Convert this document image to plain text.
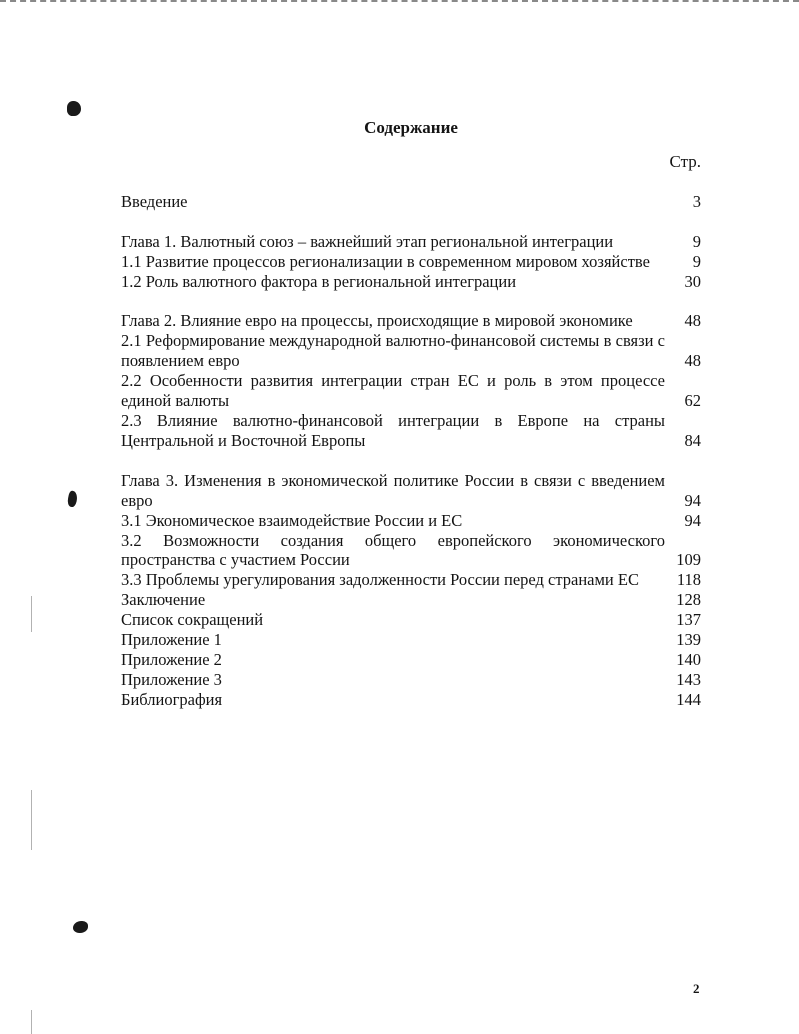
Содержание
Стр.
Введение	3
Глава 1. Валютный союз – важнейший этап региональной интеграции	9
1.1 Развитие процессов регионализации в современном мировом хозяйстве	9
1.2 Роль валютного фактора в региональной интеграции	30
Глава 2. Влияние евро на процессы, происходящие в мировой экономике	48
2.1 Реформирование международной валютно-финансовой системы в связи с появлением евро	48
2.2 Особенности развития интеграции стран ЕС и роль в этом процессе единой валюты	62
2.3 Влияние валютно-финансовой интеграции в Европе на страны Центральной и Восточной Европы	84
Глава 3. Изменения в экономической политике России в связи с введением евро	94
3.1 Экономическое взаимодействие России и ЕС	94
3.2 Возможности создания общего европейского экономического пространства с участием России	109
3.3 Проблемы урегулирования задолженности России перед странами ЕС	118
Заключение	128
Список сокращений	137
Приложение 1	139
Приложение 2	140
Приложение 3	143
Библиография	144
2
